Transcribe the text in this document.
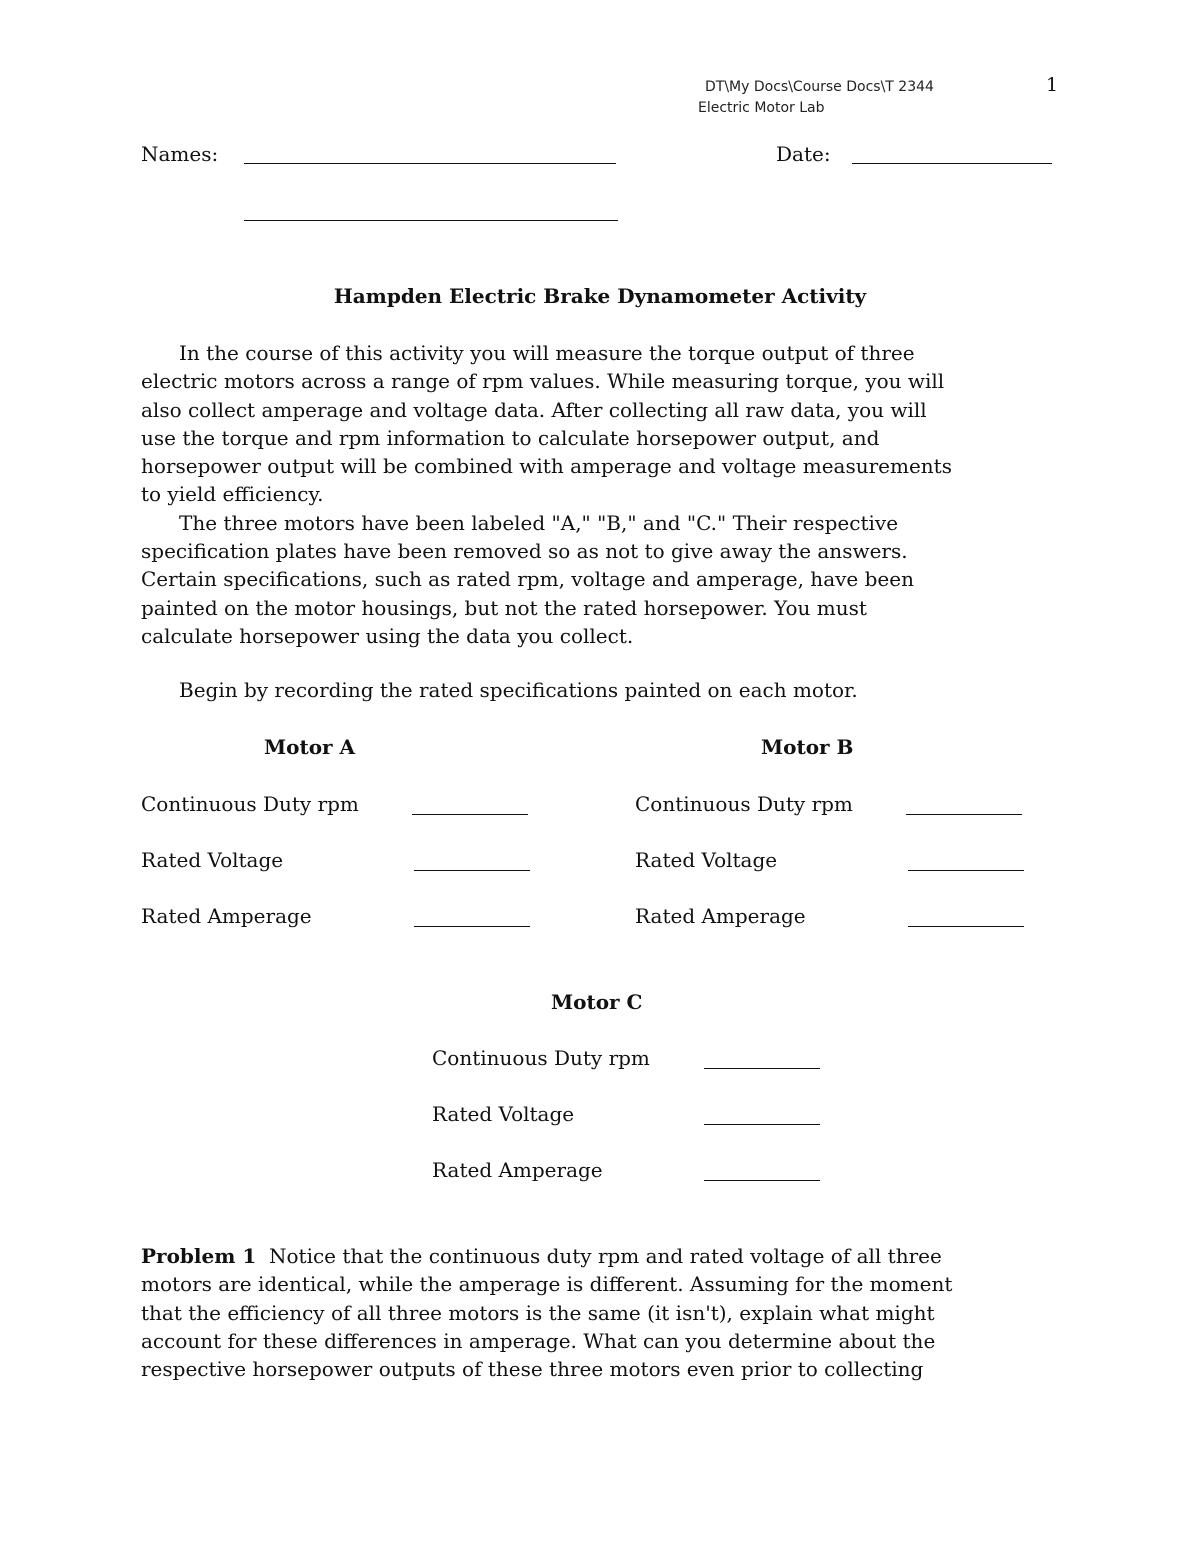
DT\My Docs\Course Docs\T 2344
Electric Motor Lab
1
Names:	Date:
Hampden Electric Brake Dynamometer Activity
In the course of this activity you will measure the torque output of three
electric motors across a range of rpm values. While measuring torque, you will
also collect amperage and voltage data. After collecting all raw data, you will
use the torque and rpm information to calculate horsepower output, and
horsepower output will be combined with amperage and voltage measurements
to yield efficiency.
The three motors have been labeled "A," "B," and "C." Their respective
specification plates have been removed so as not to give away the answers.
Certain specifications, such as rated rpm, voltage and amperage, have been
painted on the motor housings, but not the rated horsepower. You must
calculate horsepower using the data you collect.
Begin by recording the rated specifications painted on each motor.
Motor A
Continuous Duty rpm
Rated Voltage
Rated Amperage
Motor B
Continuous Duty rpm
Rated Voltage
Rated Amperage
Motor C
Continuous Duty rpm
Rated Voltage
Rated Amperage
Problem 1 Notice that the continuous duty rpm and rated voltage of all three
motors are identical, while the amperage is different. Assuming for the moment
that the efficiency of all three motors is the same (it isn't), explain what might
account for these differences in amperage. What can you determine about the
respective horsepower outputs of these three motors even prior to collecting
